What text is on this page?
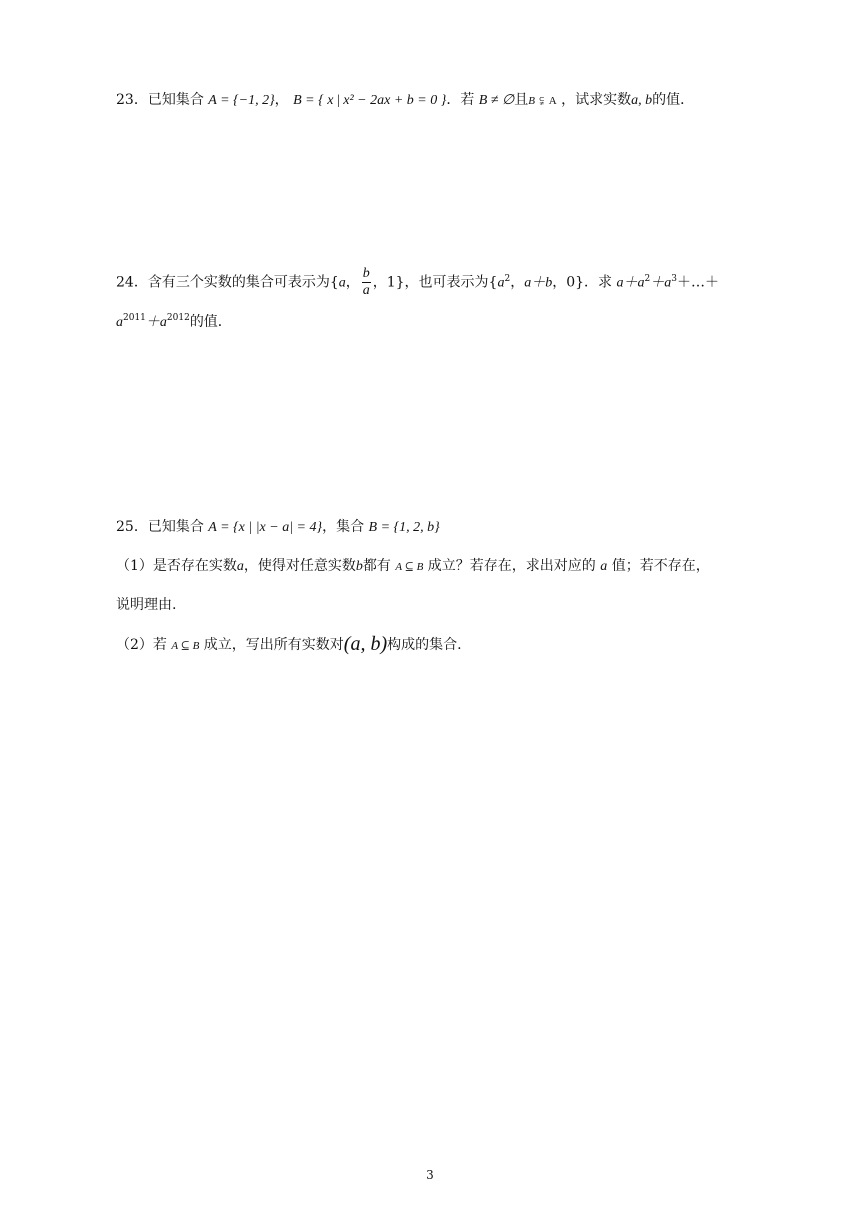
23．已知集合 A = {−1, 2}， B = { x | x² − 2ax + b = 0 }．若 B ≠ ∅且B ⫋ A ，试求实数a, b的值．
24．含有三个实数的集合可表示为{a， $\frac{b}{a}$ ，1}，也可表示为{$a^2$，a＋b，0}．求 $a+a^2+a^3+\dots+$
$a^{2011}+a^{2012}$的值．
25．已知集合 A = {x | |x − a| = 4}，集合 B = {1, 2, b}
（1）是否存在实数a，使得对任意实数b都有 A ⊆ B 成立？若存在，求出对应的 a 值；若不存在，
说明理由.
（2）若 A ⊆ B 成立，写出所有实数对(a, b)构成的集合.
3
